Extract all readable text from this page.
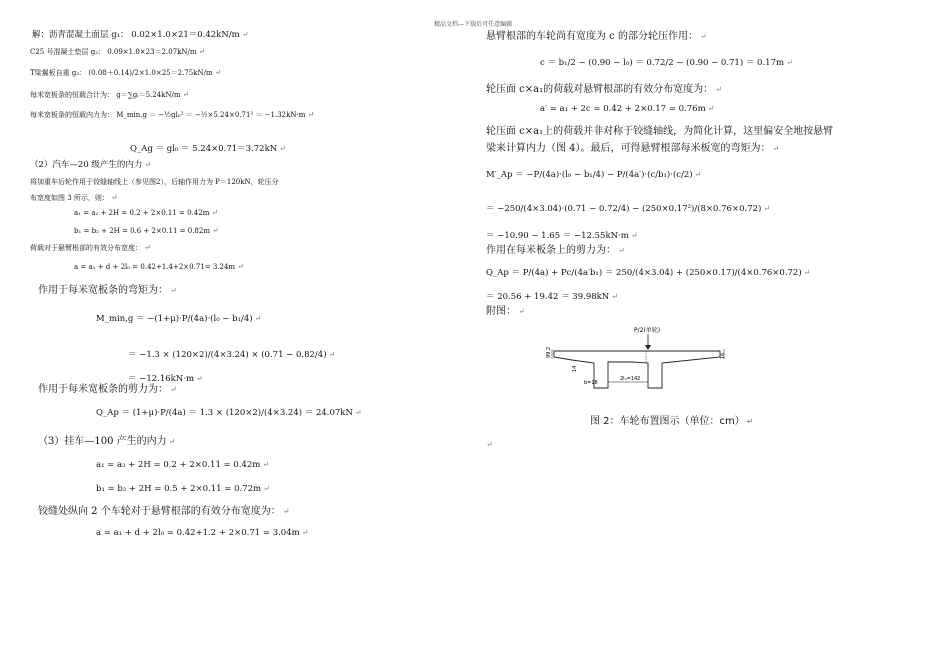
精品文档---下载后可任意编辑
解：沥青混凝土面层 g₁： 0.02×1.0×21＝0.42kN/m ↵
C25 号混凝土垫层 g₂： 0.09×1.0×23＝2.07kN/m ↵
T梁翼板自重 g₃： (0.08＋0.14)/2×1.0×25＝2.75kN/m ↵
每米宽板条的恒载合计为： g＝∑gᵢ＝5.24kN/m ↵
每米宽板条的恒载内力为： M_min,g ＝ −½gl₀² ＝ −½×5.24×0.71² ＝ −1.32kN·m ↵
Q_Ag ＝ gl₀ ＝ 5.24×0.71＝3.72kN ↵
（2）汽车—20 级产生的内力 ↵
将加重车后轮作用于铰缝轴线上（参见图2），后轴作用力为 P＝120kN，轮压分
布宽度如图 3 所示，则： ↵
a₁ = a₂ + 2H = 0.2 + 2×0.11 = 0.42m ↵
b₁ = b₂ + 2H = 0.6 + 2×0.11 = 0.82m ↵
荷载对于悬臂根部的有效分布宽度： ↵
a = a₁ + d + 2l₀ = 0.42+1.4+2×0.71= 3.24m ↵
作用于每米宽板条的弯矩为： ↵
M_min,g ＝ −(1+μ)·P/(4a)·(l₀ − b₁/4) ↵
＝ −1.3 × (120×2)/(4×3.24) × (0.71 − 0.82/4) ↵
＝ −12.16kN·m ↵
作用于每米宽板条的剪力为： ↵
Q_Ap ＝ (1+μ)·P/(4a) ＝ 1.3 × (120×2)/(4×3.24) ＝ 24.07kN ↵
（3）挂车—100 产生的内力 ↵
a₁ = a₂ + 2H = 0.2 + 2×0.11 = 0.42m ↵
b₁ = b₂ + 2H = 0.5 + 2×0.11 = 0.72m ↵
铰缝处纵向 2 个车轮对于悬臂根部的有效分布宽度为： ↵
a = a₁ + d + 2l₀ = 0.42+1.2 + 2×0.71 = 3.04m ↵
悬臂根部的车轮尚有宽度为 c 的部分轮压作用： ↵
c ＝ b₁/2 − (0.90 − l₀) ＝ 0.72/2 − (0.90 − 0.71) ＝ 0.17m ↵
轮压面 c×a₁的荷载对悬臂根部的有效分布宽度为： ↵
a′ = a₁ + 2c = 0.42 + 2×0.17 = 0.76m ↵
轮压面 c×a₁上的荷载并非对称于铰缝轴线，为简化计算，这里偏安全地按悬臂
梁来计算内力（图 4）。最后，可得悬臂根部每米板宽的弯矩为： ↵
M′_Ap ＝ −P/(4a)·(l₀ − b₁/4) − P/(4a′)·(c/b₁)·(c/2) ↵
＝ −250/(4×3.04)·(0.71 − 0.72/4) − (250×0.17²)/(8×0.76×0.72) ↵
＝ −10.90 − 1.65 ＝ −12.55kN·m ↵
作用在每米板条上的剪力为： ↵
Q_Ap ＝ P/(4a) + Pc/(4a′b₁) ＝ 250/(4×3.04) + (250×0.17)/(4×0.76×0.72) ↵
＝ 20.56 + 19.42 ＝ 39.98kN ↵
附图： ↵
P/2(单轮)
99.2	16
14
b=18
2l₀=142
图 2：车轮布置图示（单位：cm） ↵
↵
